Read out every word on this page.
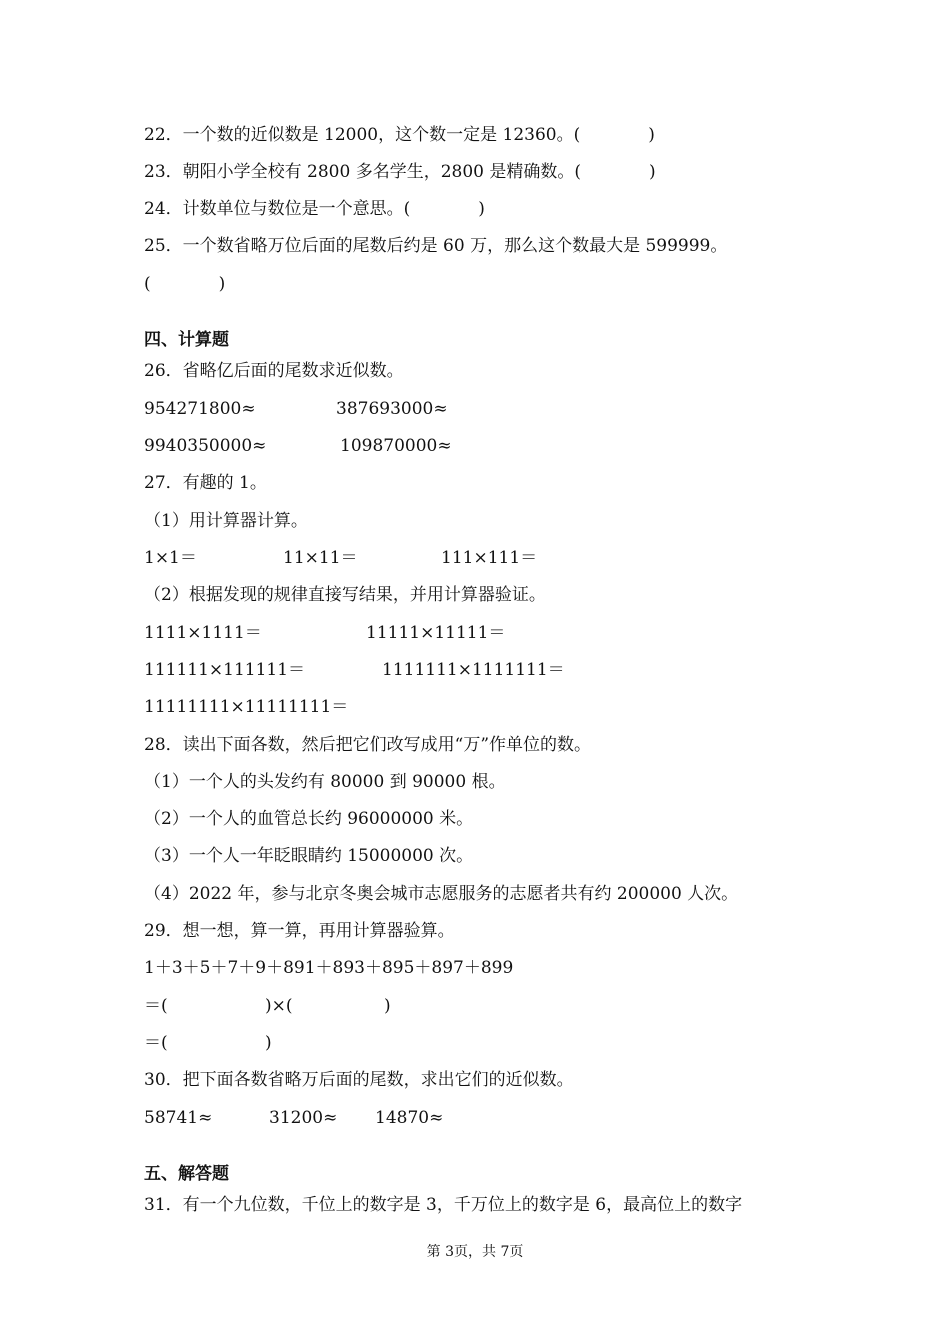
22．一个数的近似数是 12000，这个数一定是 12360。(　　　　)
23．朝阳小学全校有 2800 多名学生，2800 是精确数。(　　　　)
24．计数单位与数位是一个意思。(　　　　)
25．一个数省略万位后面的尾数后约是 60 万，那么这个数最大是 599999。
(　　　　)
四、计算题
26．省略亿后面的尾数求近似数。
954271800≈	387693000≈
9940350000≈	109870000≈
27．有趣的 1。
（1）用计算器计算。
1×1＝	11×11＝	111×111＝
（2）根据发现的规律直接写结果，并用计算器验证。
1111×1111＝	11111×11111＝
111111×111111＝	1111111×1111111＝
11111111×11111111＝
28．读出下面各数，然后把它们改写成用“万”作单位的数。
（1）一个人的头发约有 80000 到 90000 根。
（2）一个人的血管总长约 96000000 米。
（3）一个人一年眨眼睛约 15000000 次。
（4）2022 年，参与北京冬奥会城市志愿服务的志愿者共有约 200000 人次。
29．想一想，算一算，再用计算器验算。
1＋3＋5＋7＋9＋891＋893＋895＋897＋899
＝(	)×(	)
＝(	)
30．把下面各数省略万后面的尾数，求出它们的近似数。
58741≈	31200≈ 14870≈
五、解答题
31．有一个九位数，千位上的数字是 3，千万位上的数字是 6，最高位上的数字
第 3页，共 7页
